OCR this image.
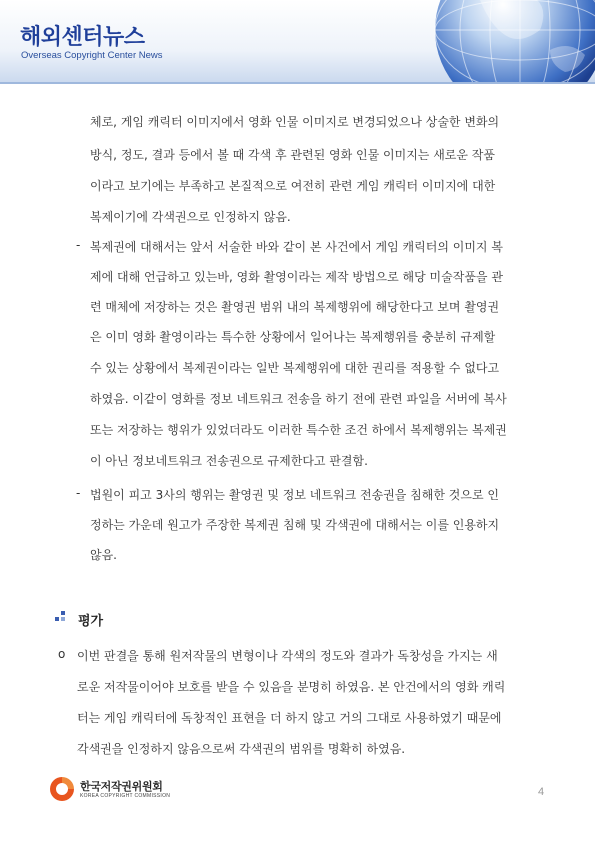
해외센터뉴스
Overseas Copyright Center News
체로, 게임 캐릭터 이미지에서 영화 인물 이미지로 변경되었으나 상술한 변화의
방식, 정도, 결과 등에서 볼 때 각색 후 관련된 영화 인물 이미지는 새로운 작품
이라고 보기에는 부족하고 본질적으로 여전히 관련 게임 캐릭터 이미지에 대한
복제이기에 각색권으로 인정하지 않음.
- 복제권에 대해서는 앞서 서술한 바와 같이 본 사건에서 게임 캐릭터의 이미지 복
제에 대해 언급하고 있는바, 영화 촬영이라는 제작 방법으로 해당 미술작품을 관
련 매체에 저장하는 것은 촬영권 범위 내의 복제행위에 해당한다고 보며 촬영권
은 이미 영화 촬영이라는 특수한 상황에서 일어나는 복제행위를 충분히 규제할
수 있는 상황에서 복제권이라는 일반 복제행위에 대한 권리를 적용할 수 없다고
하였음. 이같이 영화를 정보 네트워크 전송을 하기 전에 관련 파일을 서버에 복사
또는 저장하는 행위가 있었더라도 이러한 특수한 조건 하에서 복제행위는 복제권
이 아닌 정보네트워크 전송권으로 규제한다고 판결함.
- 법원이 피고 3사의 행위는 촬영권 및 정보 네트워크 전송권을 침해한 것으로 인
정하는 가운데 원고가 주장한 복제권 침해 및 각색권에 대해서는 이를 인용하지
않음.
평가
o 이번 판결을 통해 원저작물의 변형이나 각색의 정도와 결과가 독창성을 가지는 새
로운 저작물이어야 보호를 받을 수 있음을 분명히 하였음. 본 안건에서의 영화 캐릭
터는 게임 캐릭터에 독창적인 표현을 더 하지 않고 거의 그대로 사용하였기 때문에
각색권을 인정하지 않음으로써 각색권의 범위를 명확히 하였음.
한국저작권위원회
KOREA COPYRIGHT COMMISSION	4
